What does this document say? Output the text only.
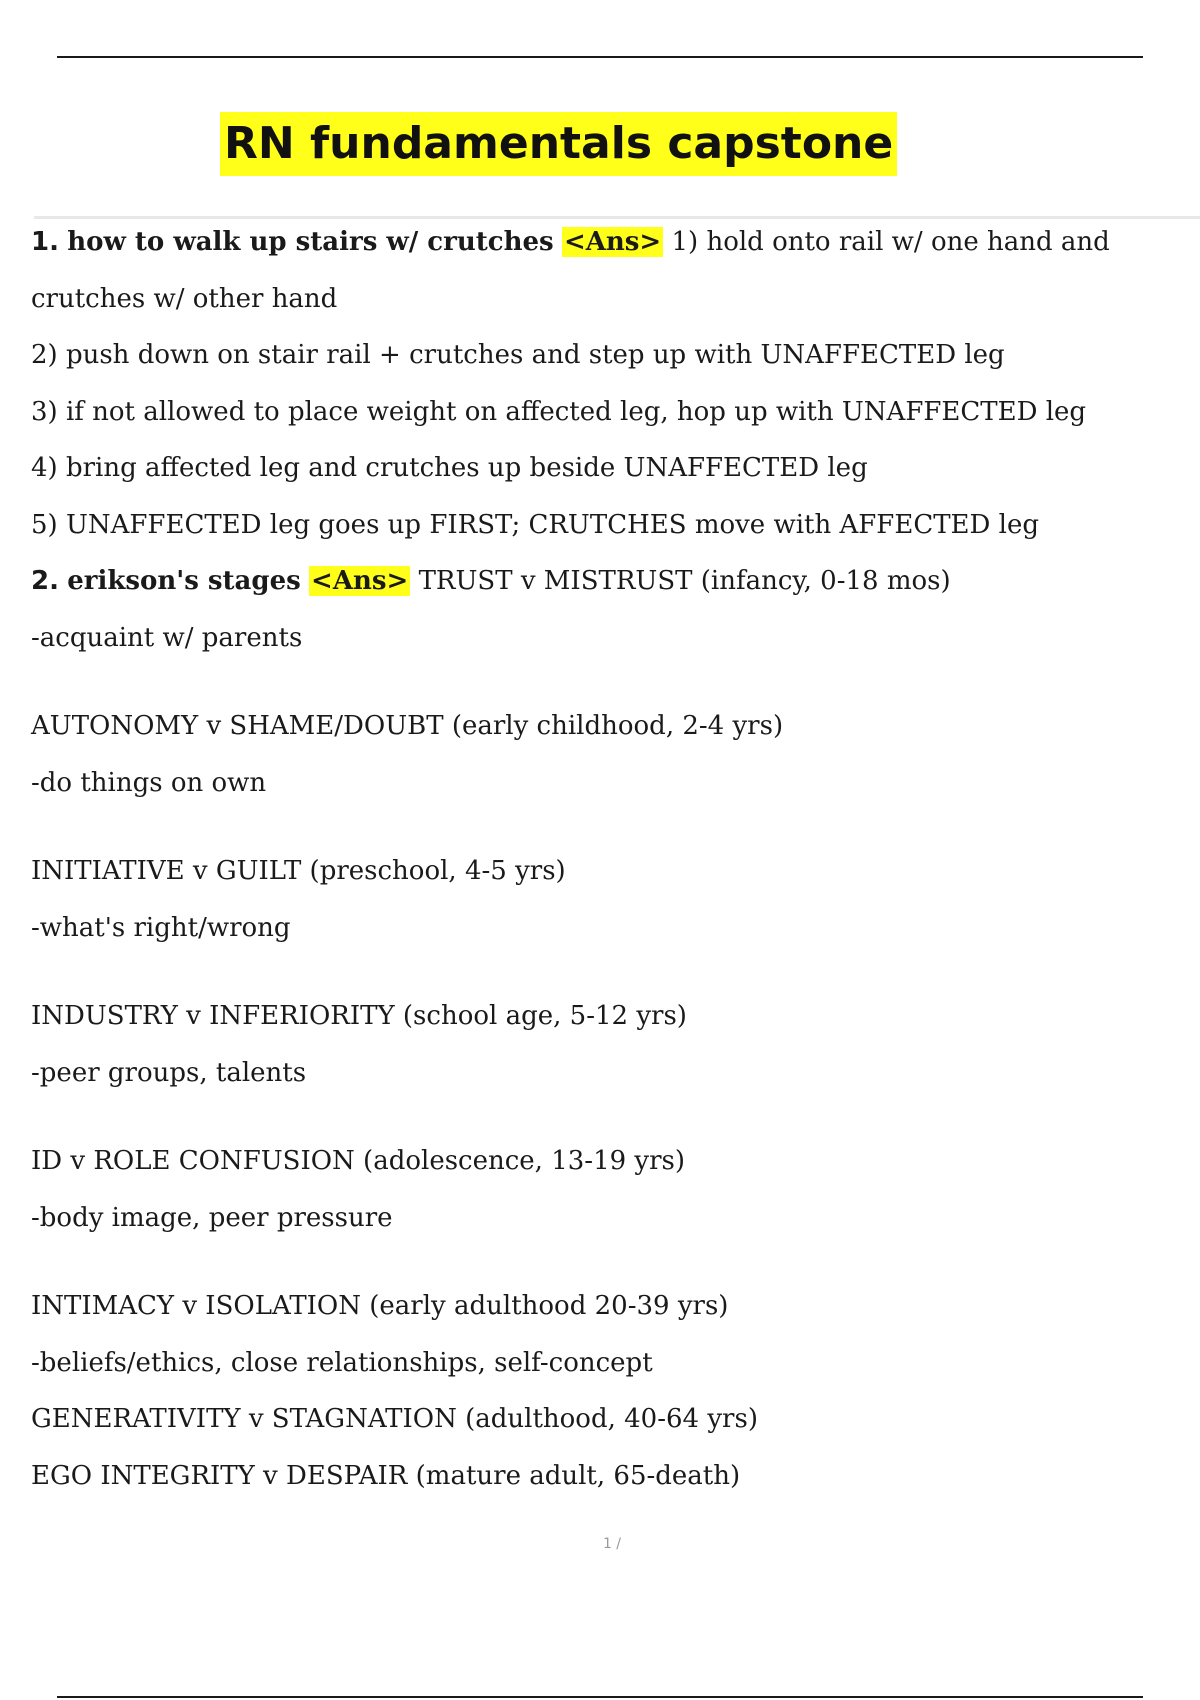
RN fundamentals capstone
1. how to walk up stairs w/ crutches <Ans> 1) hold onto rail w/ one hand and
crutches w/ other hand
2) push down on stair rail + crutches and step up with UNAFFECTED leg
3) if not allowed to place weight on affected leg, hop up with UNAFFECTED leg
4) bring affected leg and crutches up beside UNAFFECTED leg
5) UNAFFECTED leg goes up FIRST; CRUTCHES move with AFFECTED leg
2. erikson's stages <Ans> TRUST v MISTRUST (infancy, 0-18 mos)
-acquaint w/ parents
AUTONOMY v SHAME/DOUBT (early childhood, 2-4 yrs)
-do things on own
INITIATIVE v GUILT (preschool, 4-5 yrs)
-what's right/wrong
INDUSTRY v INFERIORITY (school age, 5-12 yrs)
-peer groups, talents
ID v ROLE CONFUSION (adolescence, 13-19 yrs)
-body image, peer pressure
INTIMACY v ISOLATION (early adulthood 20-39 yrs)
-beliefs/ethics, close relationships, self-concept
GENERATIVITY v STAGNATION (adulthood, 40-64 yrs)
EGO INTEGRITY v DESPAIR (mature adult, 65-death)
1 /
